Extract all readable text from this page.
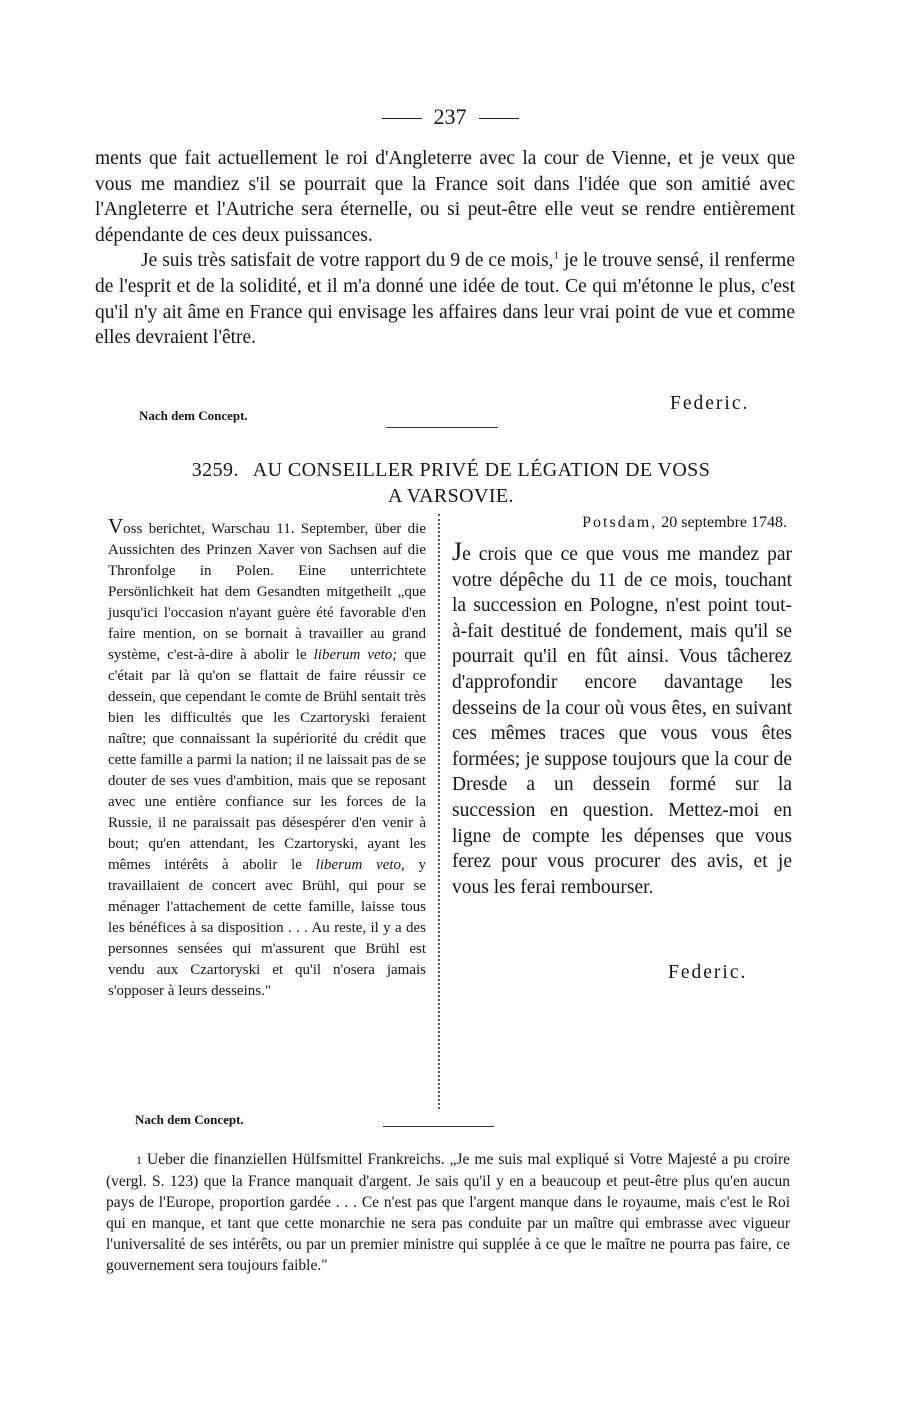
237

ments que fait actuellement le roi d'Angleterre avec la cour de Vienne, et je veux que vous me mandiez s'il se pourrait que la France soit dans l'idée que son amitié avec l'Angleterre et l'Autriche sera éternelle, ou si peut-être elle veut se rendre entièrement dépendante de ces deux puissances.

Je suis très satisfait de votre rapport du 9 de ce mois,$^1$ je le trouve sensé, il renferme de l'esprit et de la solidité, et il m'a donné une idée de tout. Ce qui m'étonne le plus, c'est qu'il n'y ait âme en France qui envisage les affaires dans leur vrai point de vue et comme elles devraient l'être.

Federic.
Nach dem Concept.
3259. AU CONSEILLER PRIVÉ DE LÉGATION DE VOSS
A VARSOVIE.
Voss berichtet, Warschau 11. September, über die Aussichten des Prinzen Xaver von Sachsen auf die Thronfolge in Polen. Eine unterrichtete Persönlichkeit hat dem Gesandten mitgetheilt „que jusqu'ici l'occasion n'ayant guère été favorable d'en faire mention, on se bornait à travailler au grand système, c'est-à-dire à abolir le liberum veto; que c'était par là qu'on se flattait de faire réussir ce dessein, que cependant le comte de Brühl sentait très bien les difficultés que les Czartoryski feraient naître; que connaissant la supériorité du crédit que cette famille a parmi la nation; il ne laissait pas de se douter de ses vues d'ambition, mais que se reposant avec une entière confiance sur les forces de la Russie, il ne paraissait pas désespérer d'en venir à bout; qu'en attendant, les Czartoryski, ayant les mêmes intérêts à abolir le liberum veto, y travaillaient de concert avec Brühl, qui pour se ménager l'attachement de cette famille, laisse tous les bénéfices à sa disposition . . . Au reste, il y a des personnes sensées qui m'assurent que Brühl est vendu aux Czartoryski et qu'il n'osera jamais s'opposer à leurs desseins."
Nach dem Concept.
Potsdam, 20 septembre 1748.
Je crois que ce que vous me mandez par votre dépêche du 11 de ce mois, touchant la succession en Pologne, n'est point tout-à-fait destitué de fondement, mais qu'il se pourrait qu'il en fût ainsi. Vous tâcherez d'approfondir encore davantage les desseins de la cour où vous êtes, en suivant ces mêmes traces que vous vous êtes formées; je suppose toujours que la cour de Dresde a un dessein formé sur la succession en question. Mettez-moi en ligne de compte les dépenses que vous ferez pour vous procurer des avis, et je vous les ferai rembourser.
Federic.

1 Ueber die finanziellen Hülfsmittel Frankreichs. „Je me suis mal expliqué si Votre Majesté a pu croire (vergl. S. 123) que la France manquait d'argent. Je sais qu'il y en a beaucoup et peut-être plus qu'en aucun pays de l'Europe, proportion gardée . . . Ce n'est pas que l'argent manque dans le royaume, mais c'est le Roi qui en manque, et tant que cette monarchie ne sera pas conduite par un maître qui embrasse avec vigueur l'universalité de ses intérêts, ou par un premier ministre qui supplée à ce que le maître ne pourra pas faire, ce gouvernement sera toujours faible."
